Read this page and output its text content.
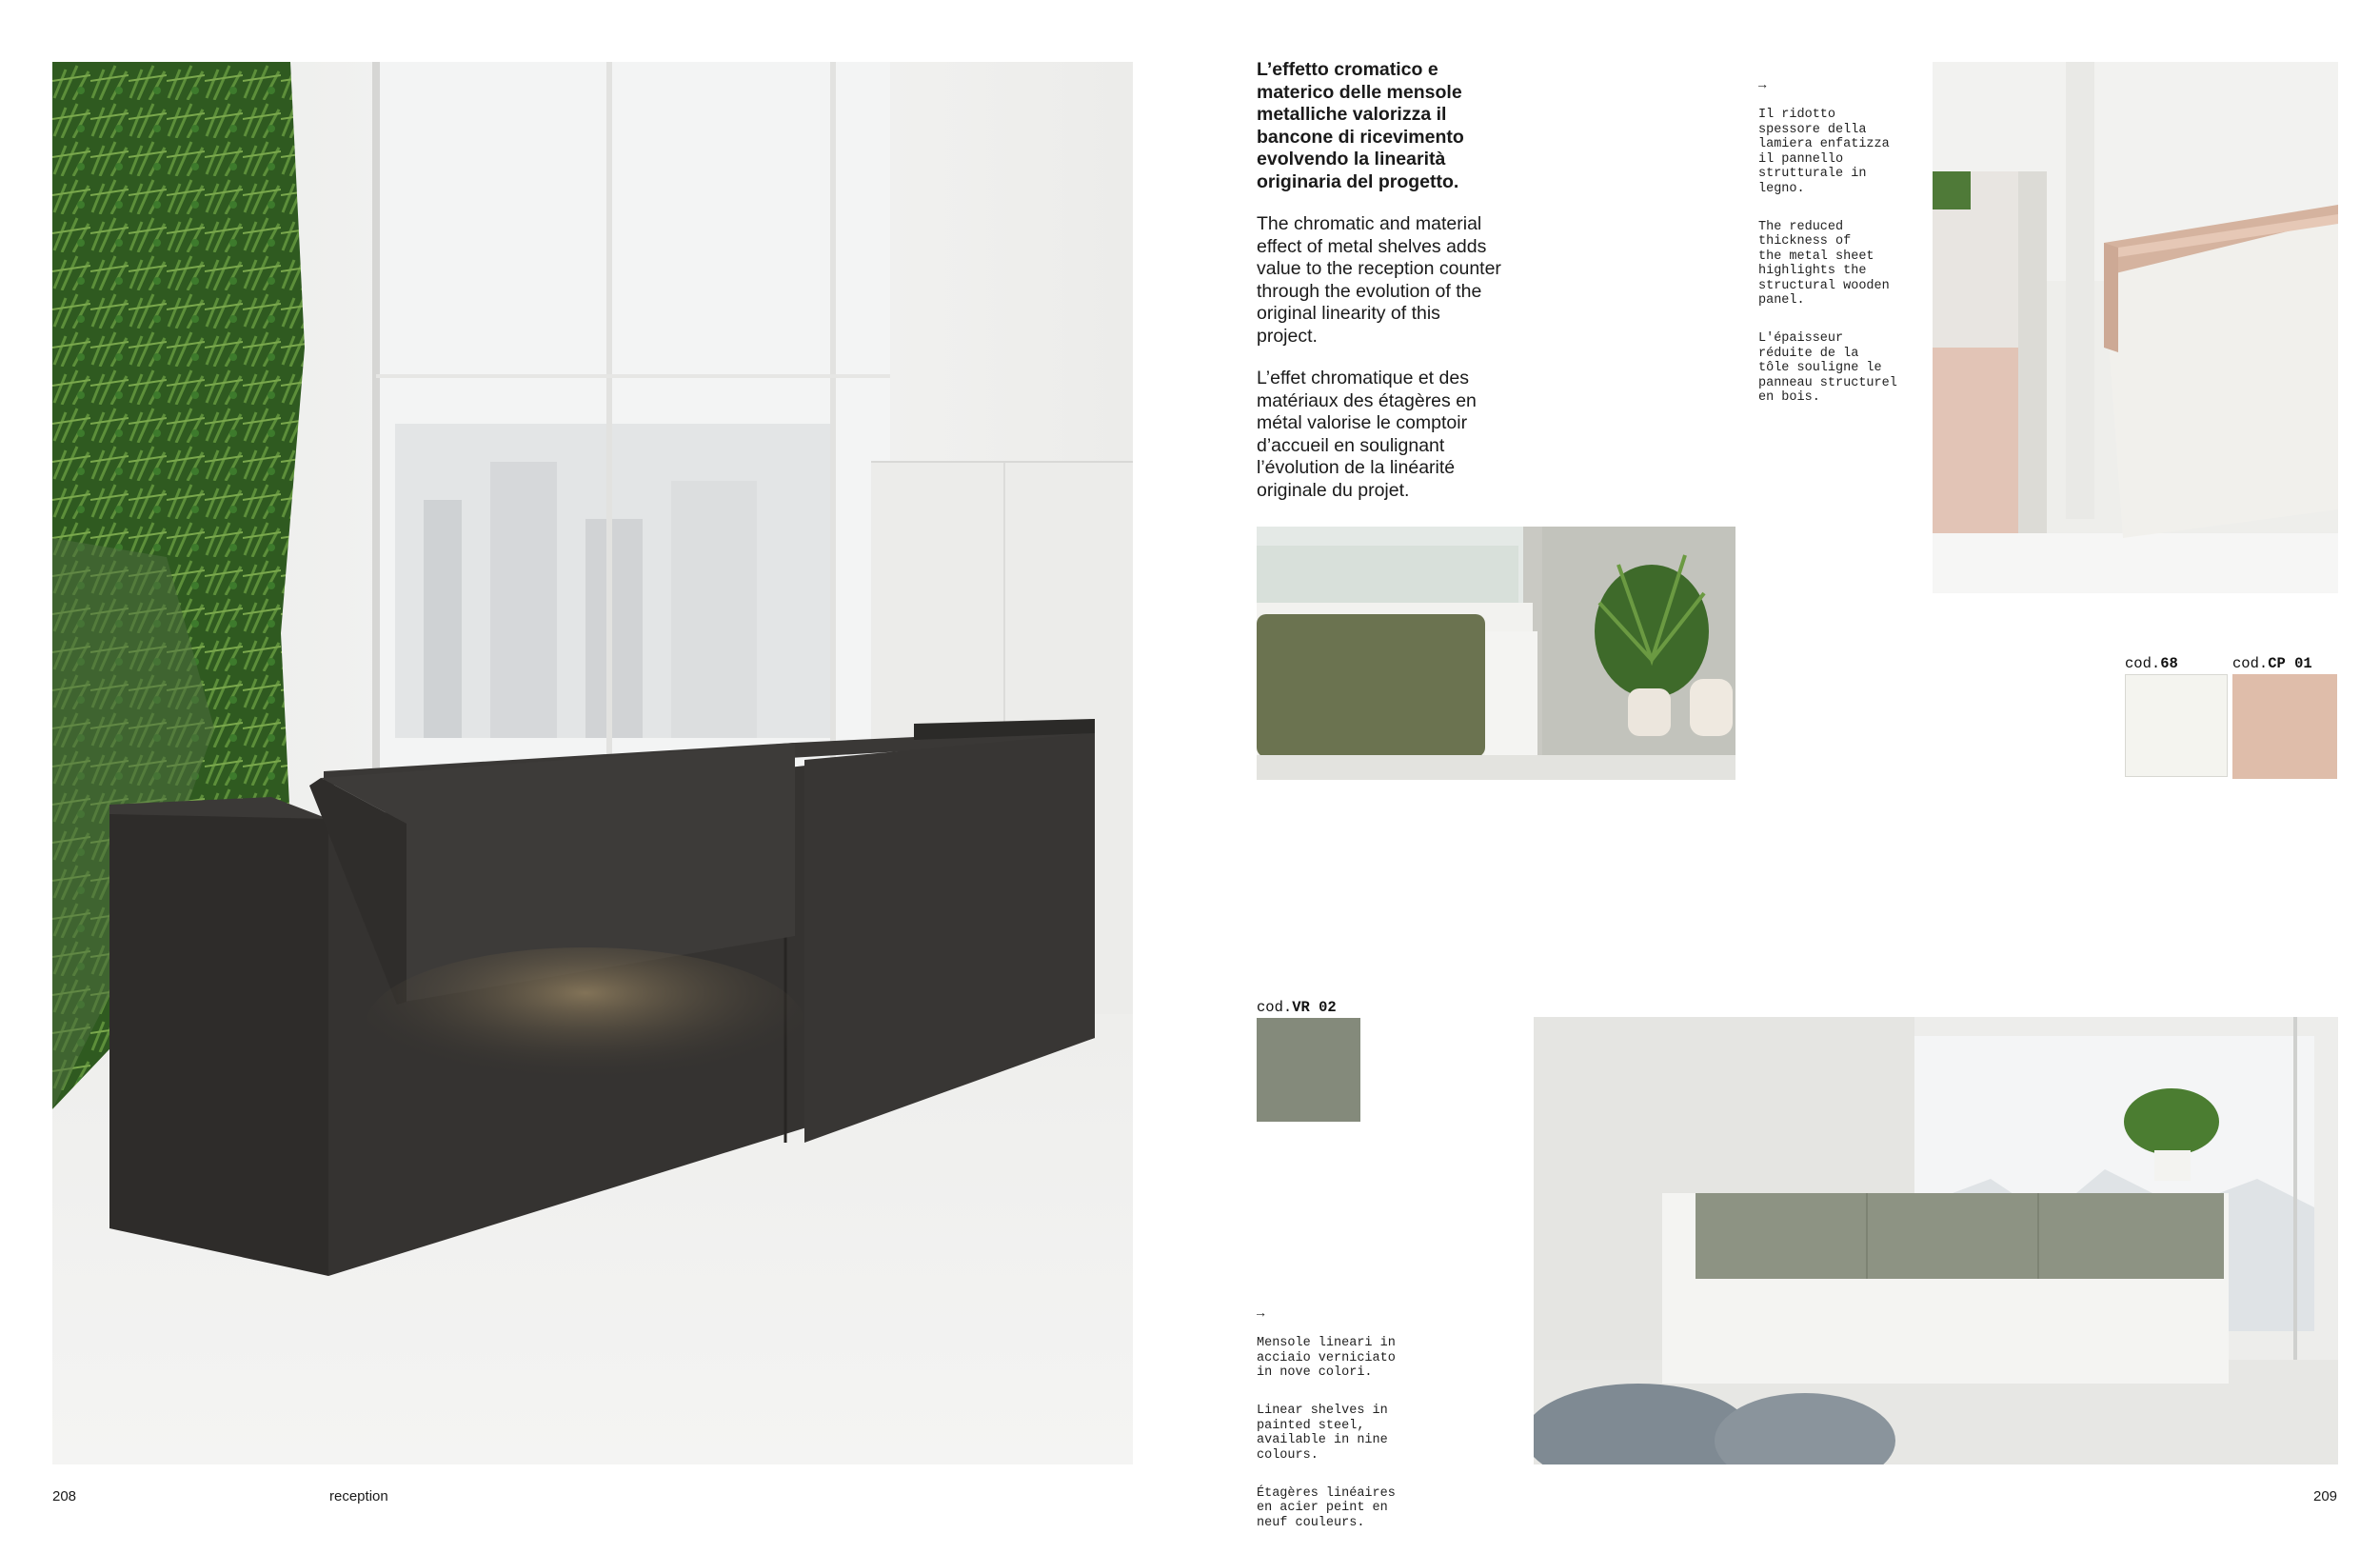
L’effetto cromatico e materico delle mensole metalliche valorizza il bancone di ricevimento evolvendo la linearità originaria del progetto.
The chromatic and material effect of metal shelves adds value to the reception counter through the evolution of the original linearity of this project.
L’effet chromatique et des matériaux des étagères en métal valorise le comptoir d’accueil en soulignant l’évolution de la linéarité originale du projet.

→

Il ridotto
spessore della
lamiera enfatizza
il pannello
strutturale in
legno.

The reduced
thickness of
the metal sheet
highlights the
structural wooden
panel.

L'épaisseur
réduite de la
tôle souligne le
panneau structurel
en bois.

cod.68	cod.CP 01
cod.VR 02

→

Mensole lineari in
acciaio verniciato
in nove colori.

Linear shelves in
painted steel,
available in nine
colours.

Étagères linéaires
en acier peint en
neuf couleurs.

208	reception	209
